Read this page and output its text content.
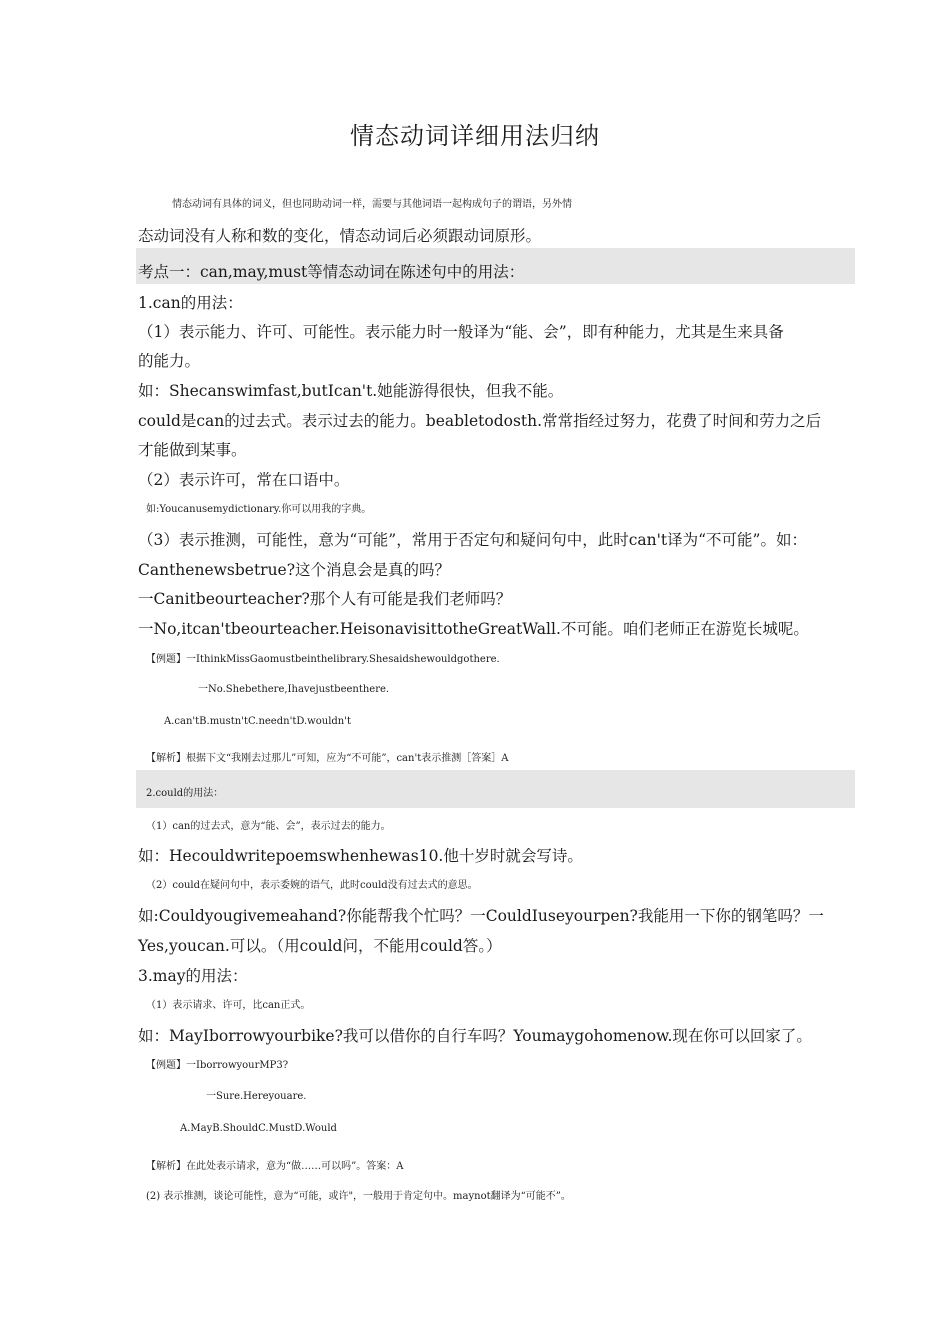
情态动词详细用法归纳
情态动词有具体的词义，但也同助动词一样，需要与其他词语一起构成句子的谓语，另外情
态动词没有人称和数的变化，情态动词后必须跟动词原形。
考点一：can,may,must等情态动词在陈述句中的用法：
1.can的用法：
（1）表示能力、许可、可能性。表示能力时一般译为“能、会”，即有种能力，尤其是生来具备
的能力。
如：Shecanswimfast,butIcan't.她能游得很快，但我不能。
could是can的过去式。表示过去的能力。beabletodosth.常常指经过努力，花费了时间和劳力之后
才能做到某事。
（2）表示许可，常在口语中。
如:Youcanusemydictionary.你可以用我的字典。
（3）表示推测，可能性，意为“可能”，常用于否定句和疑问句中，此时can't译为“不可能”。如：
Canthenewsbetrue?这个消息会是真的吗？
一Canitbeourteacher?那个人有可能是我们老师吗？
一No,itcan'tbeourteacher.HeisonavisittotheGreatWall.不可能。咱们老师正在游览长城呢。
【例题】一IthinkMissGaomustbeinthelibrary.Shesaidshewouldgothere.
一No.Shebethere,Ihavejustbeenthere.
A.can'tB.mustn'tC.needn'tD.wouldn't
【解析】根据下文“我刚去过那儿”可知，应为“不可能”，can't表示推测［答案］A
2.could的用法：
（1）can的过去式，意为“能、会”，表示过去的能力。
如：Hecouldwritepoemswhenhewas10.他十岁时就会写诗。
（2）could在疑问句中，表示委婉的语气，此时could没有过去式的意思。
如:Couldyougivemeahand?你能帮我个忙吗？一CouldIuseyourpen?我能用一下你的钢笔吗？一
Yes,youcan.可以。（用could问，不能用could答。）
3.may的用法：
（1）表示请求、许可，比can正式。
如：MayIborrowyourbike?我可以借你的自行车吗？Youmaygohomenow.现在你可以回家了。
【例题】一IborrowyourMP3?
一Sure.Hereyouare.
A.MayB.ShouldC.MustD.Would
【解析】在此处表示请求，意为“做……可以吗”。答案：A
(2) 表示推测，谈论可能性，意为“可能，或许"，一般用于肯定句中。maynot翻译为“可能不”。
